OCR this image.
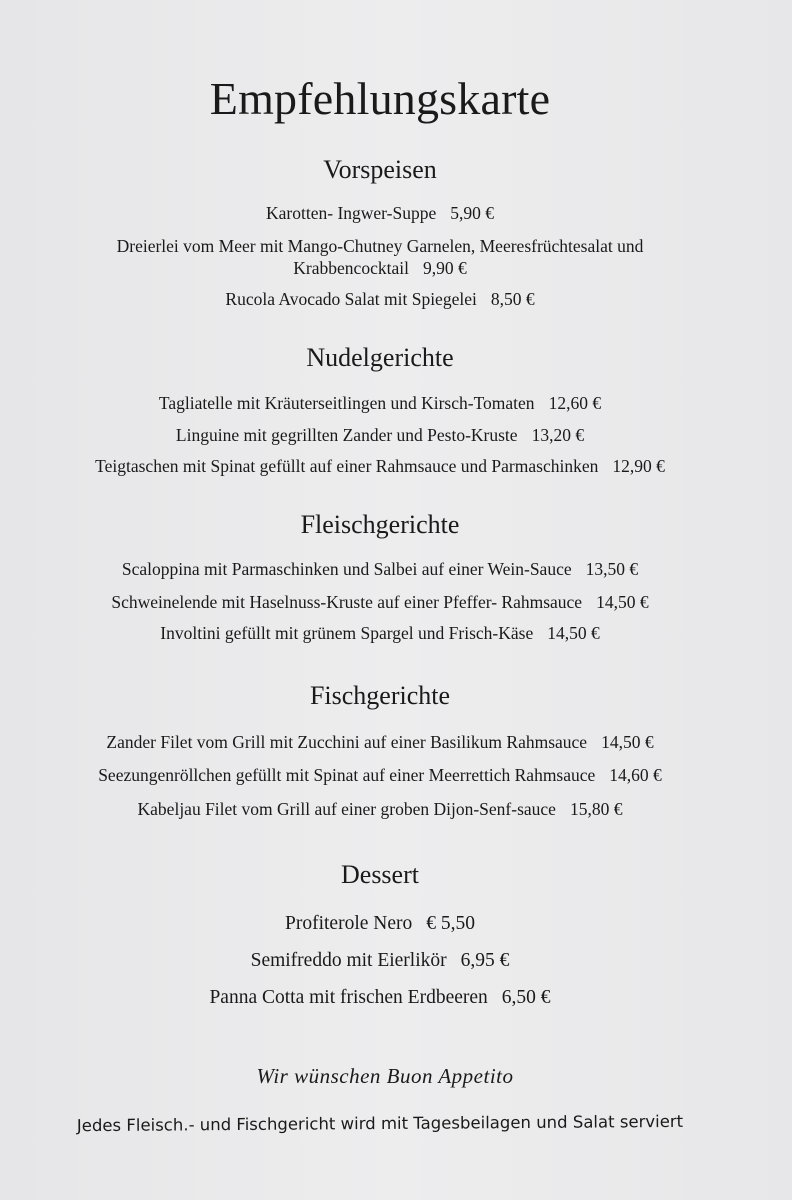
Empfehlungskarte
Vorspeisen
Karotten- Ingwer-Suppe 5,90 €
Dreierlei vom Meer mit Mango-Chutney Garnelen, Meeresfrüchtesalat und
Krabbencocktail 9,90 €
Rucola Avocado Salat mit Spiegelei 8,50 €
Nudelgerichte
Tagliatelle mit Kräuterseitlingen und Kirsch-Tomaten 12,60 €
Linguine mit gegrillten Zander und Pesto-Kruste 13,20 €
Teigtaschen mit Spinat gefüllt auf einer Rahmsauce und Parmaschinken 12,90 €
Fleischgerichte
Scaloppina mit Parmaschinken und Salbei auf einer Wein-Sauce 13,50 €
Schweinelende mit Haselnuss-Kruste auf einer Pfeffer- Rahmsauce 14,50 €
Involtini gefüllt mit grünem Spargel und Frisch-Käse 14,50 €
Fischgerichte
Zander Filet vom Grill mit Zucchini auf einer Basilikum Rahmsauce 14,50 €
Seezungenröllchen gefüllt mit Spinat auf einer Meerrettich Rahmsauce 14,60 €
Kabeljau Filet vom Grill auf einer groben Dijon-Senf-sauce 15,80 €
Dessert
Profiterole Nero € 5,50
Semifreddo mit Eierlikör 6,95 €
Panna Cotta mit frischen Erdbeeren 6,50 €
Wir wünschen Buon Appetito
Jedes Fleisch.- und Fischgericht wird mit Tagesbeilagen und Salat serviert
